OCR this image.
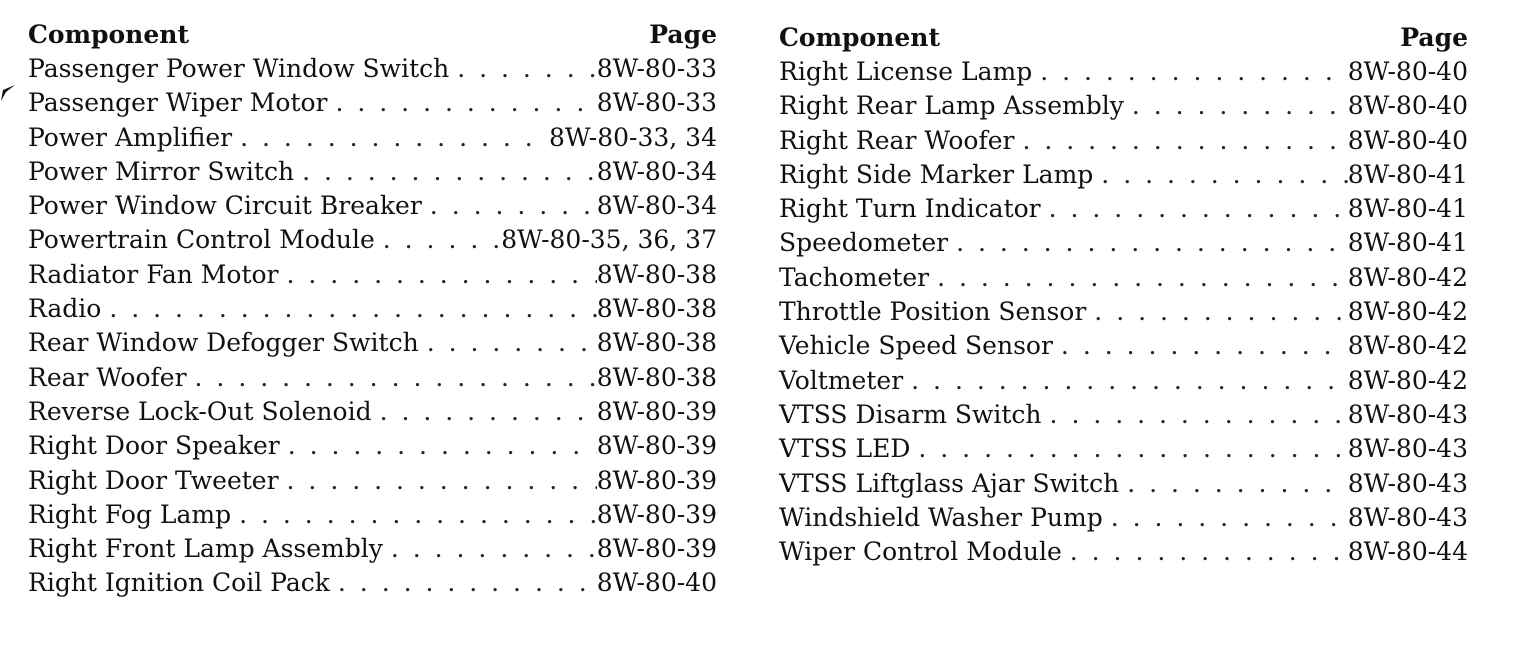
Component	Page
Passenger Power Window Switch . . .	8W-80-33
Passenger Wiper Motor . . .	8W-80-33
Power Amplifier . . .	8W-80-33, 34
Power Mirror Switch . . .	8W-80-34
Power Window Circuit Breaker . . .	8W-80-34
Powertrain Control Module . . .	8W-80-35, 36, 37
Radiator Fan Motor . . .	8W-80-38
Radio . . .	8W-80-38
Rear Window Defogger Switch . . .	8W-80-38
Rear Woofer . . .	8W-80-38
Reverse Lock-Out Solenoid . . .	8W-80-39
Right Door Speaker . . .	8W-80-39
Right Door Tweeter . . .	8W-80-39
Right Fog Lamp . . .	8W-80-39
Right Front Lamp Assembly . . .	8W-80-39
Right Ignition Coil Pack . . .	8W-80-40
Component	Page
Right License Lamp . . .	8W-80-40
Right Rear Lamp Assembly . . .	8W-80-40
Right Rear Woofer . . .	8W-80-40
Right Side Marker Lamp . . .	8W-80-41
Right Turn Indicator . . .	8W-80-41
Speedometer . . .	8W-80-41
Tachometer . . .	8W-80-42
Throttle Position Sensor . . .	8W-80-42
Vehicle Speed Sensor . . .	8W-80-42
Voltmeter . . .	8W-80-42
VTSS Disarm Switch . . .	8W-80-43
VTSS LED . . .	8W-80-43
VTSS Liftglass Ajar Switch . . .	8W-80-43
Windshield Washer Pump . . .	8W-80-43
Wiper Control Module . . .	8W-80-44
